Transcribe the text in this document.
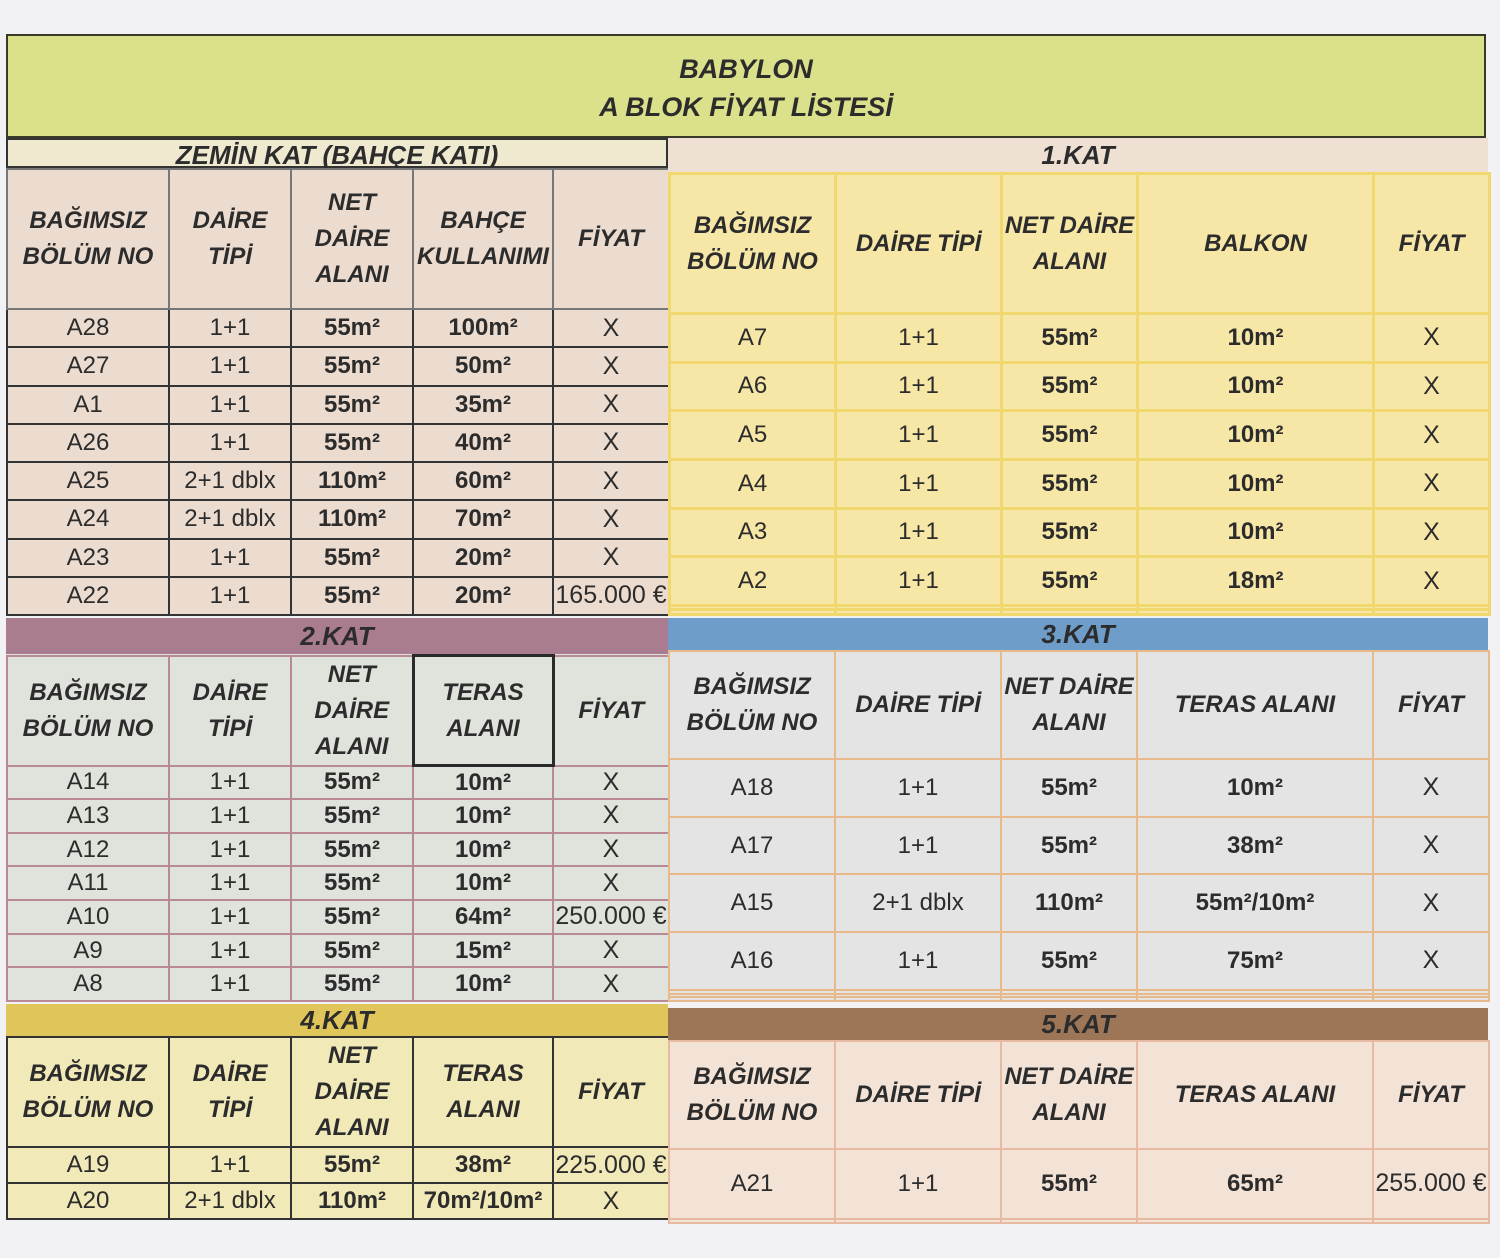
BABYLON
A BLOK FİYAT LİSTESİ
ZEMİN KAT (BAHÇE KATI)
BAĞIMSIZ BÖLÜM NO	DAİRE TİPİ	NET DAİRE ALANI	BAHÇE KULLANIMI	FİYAT
A28	1+1	55m²	100m²	X
A27	1+1	55m²	50m²	X
A1	1+1	55m²	35m²	X
A26	1+1	55m²	40m²	X
A25	2+1 dblx	110m²	60m²	X
A24	2+1 dblx	110m²	70m²	X
A23	1+1	55m²	20m²	X
A22	1+1	55m²	20m²	165.000 €
1.KAT
BAĞIMSIZ BÖLÜM NO	DAİRE TİPİ	NET DAİRE ALANI	BALKON	FİYAT
A7	1+1	55m²	10m²	X
A6	1+1	55m²	10m²	X
A5	1+1	55m²	10m²	X
A4	1+1	55m²	10m²	X
A3	1+1	55m²	10m²	X
A2	1+1	55m²	18m²	X

2.KAT
BAĞIMSIZ BÖLÜM NO	DAİRE TİPİ	NET DAİRE ALANI	TERAS ALANI	FİYAT
A14	1+1	55m²	10m²	X
A13	1+1	55m²	10m²	X
A12	1+1	55m²	10m²	X
A11	1+1	55m²	10m²	X
A10	1+1	55m²	64m²	250.000 €
A9	1+1	55m²	15m²	X
A8	1+1	55m²	10m²	X
3.KAT
BAĞIMSIZ BÖLÜM NO	DAİRE TİPİ	NET DAİRE ALANI	TERAS ALANI	FİYAT
A18	1+1	55m²	10m²	X
A17	1+1	55m²	38m²	X
A15	2+1 dblx	110m²	55m²/10m²	X
A16	1+1	55m²	75m²	X

4.KAT
BAĞIMSIZ BÖLÜM NO	DAİRE TİPİ	NET DAİRE ALANI	TERAS ALANI	FİYAT
A19	1+1	55m²	38m²	225.000 €
A20	2+1 dblx	110m²	70m²/10m²	X
5.KAT
BAĞIMSIZ BÖLÜM NO	DAİRE TİPİ	NET DAİRE ALANI	TERAS ALANI	FİYAT
A21	1+1	55m²	65m²	255.000 €
